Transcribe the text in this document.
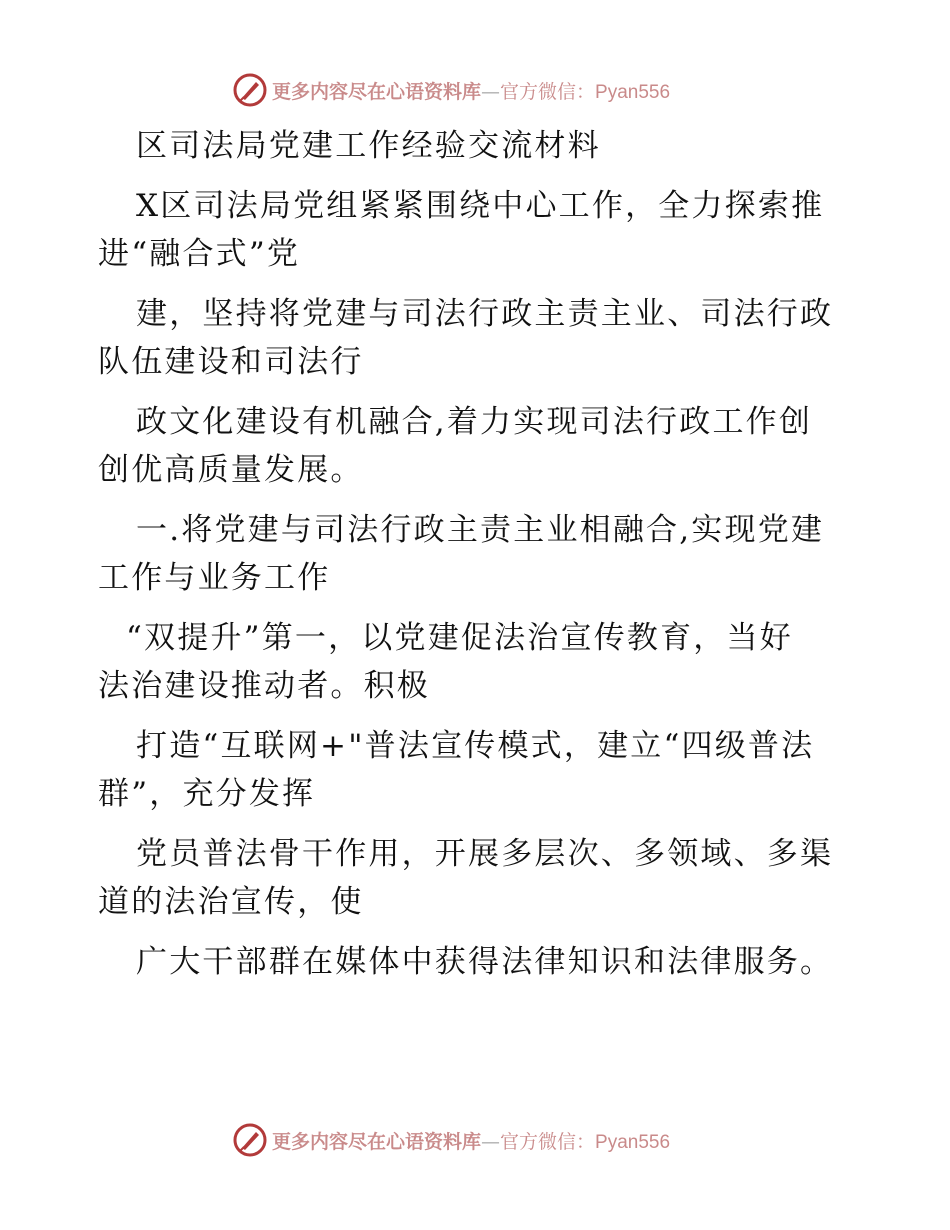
更多内容尽在心语资料库—官方微信：Pyan556
区司法局党建工作经验交流材料
X区司法局党组紧紧围绕中心工作，全力探索推
进“融合式”党
建，坚持将党建与司法行政主责主业、司法行政
队伍建设和司法行
政文化建设有机融合,着力实现司法行政工作创
创优高质量发展。
一.将党建与司法行政主责主业相融合,实现党建
工作与业务工作
“双提升”第一，以党建促法治宣传教育，当好
法治建设推动者。积极
打造“互联网+"普法宣传模式，建立“四级普法
群”，充分发挥
党员普法骨干作用，开展多层次、多领域、多渠
道的法治宣传，使
广大干部群在媒体中获得法律知识和法律服务。
更多内容尽在心语资料库—官方微信：Pyan556
